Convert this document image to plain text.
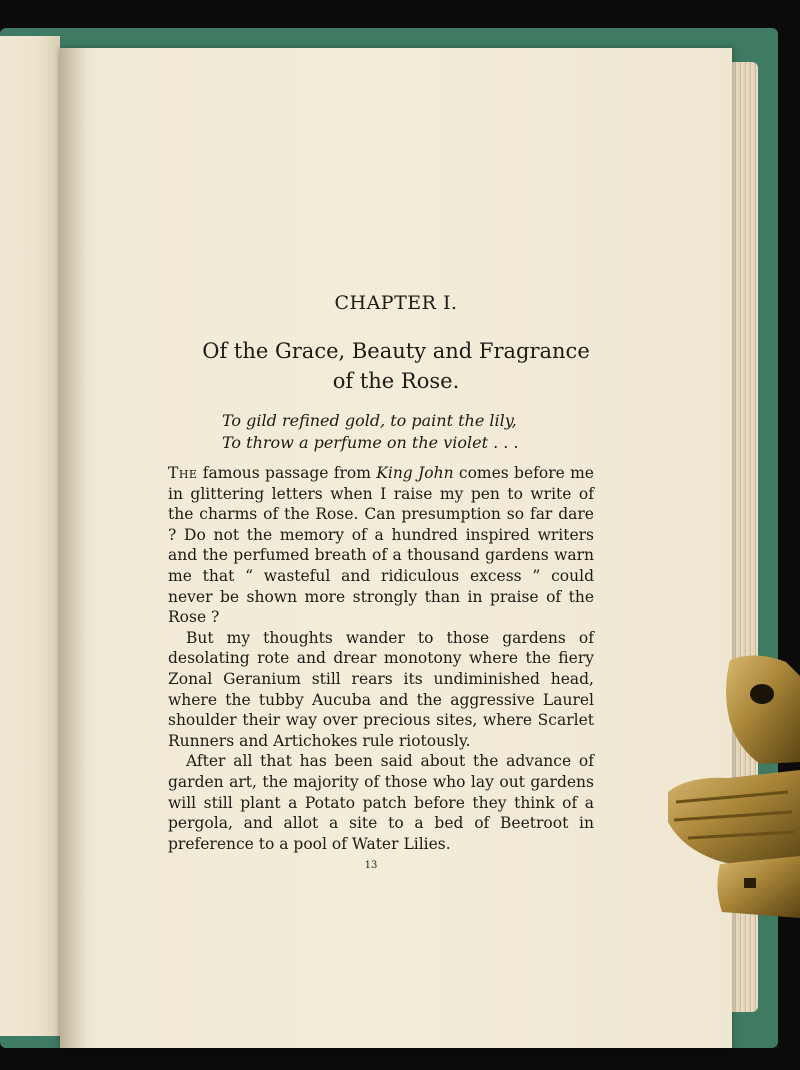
CHAPTER I.
Of the Grace, Beauty and Fragrance
of the Rose.
To gild refined gold, to paint the lily,
To throw a perfume on the violet . . .

The famous passage from King John comes before me in glittering letters when I raise my pen to write of the charms of the Rose. Can presumption so far dare ? Do not the memory of a hundred inspired writers and the perfumed breath of a thousand gardens warn me that “ wasteful and ridiculous excess ” could never be shown more strongly than in praise of the Rose ?

But my thoughts wander to those gardens of desolating rote and drear monotony where the fiery Zonal Geranium still rears its undiminished head, where the tubby Aucuba and the aggressive Laurel shoulder their way over precious sites, where Scarlet Runners and Artichokes rule riotously.

After all that has been said about the advance of garden art, the majority of those who lay out gardens will still plant a Potato patch before they think of a pergola, and allot a site to a bed of Beetroot in preference to a pool of Water Lilies.

13
